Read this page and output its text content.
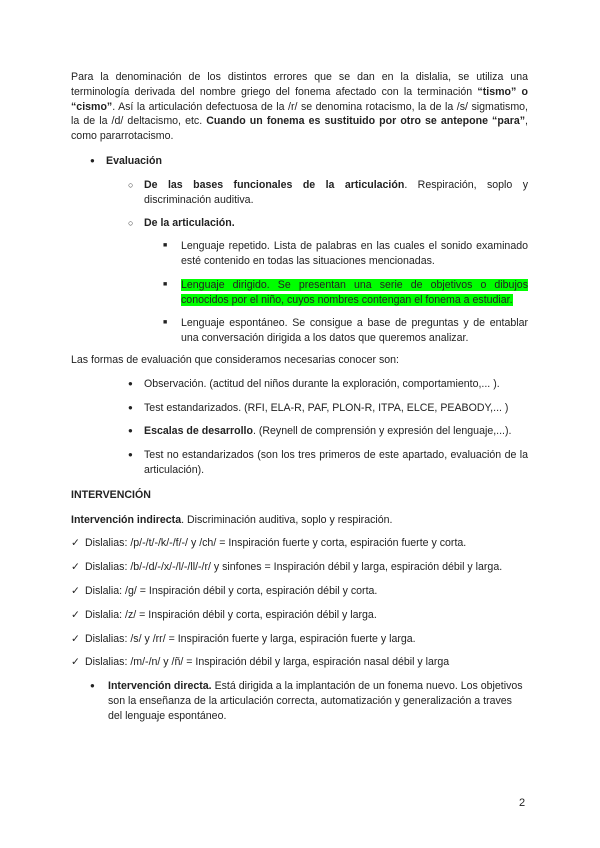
Para la denominación de los distintos errores que se dan en la dislalia, se utiliza una terminología derivada del nombre griego del fonema afectado con la terminación “tismo” o “cismo”. Así la articulación defectuosa de la /r/ se denomina rotacismo, la de la /s/ sigmatismo, la de la /d/ deltacismo, etc. Cuando un fonema es sustituido por otro se antepone “para”, como pararrotacismo.

● Evaluación
○ De las bases funcionales de la articulación. Respiración, soplo y discriminación auditiva.
○ De la articulación.
■ Lenguaje repetido. Lista de palabras en las cuales el sonido examinado esté contenido en todas las situaciones mencionadas.
■ Lenguaje dirigido. Se presentan una serie de objetivos o dibujos conocidos por el niño, cuyos nombres contengan el fonema a estudiar.
■ Lenguaje espontáneo. Se consigue a base de preguntas y de entablar una conversación dirigida a los datos que queremos analizar.

Las formas de evaluación que consideramos necesarias conocer son:

● Observación. (actitud del niños durante la exploración, comportamiento,... ).
● Test estandarizados. (RFI, ELA-R, PAF, PLON-R, ITPA, ELCE, PEABODY,... )
● Escalas de desarrollo. (Reynell de comprensión y expresión del lenguaje,...).
● Test no estandarizados (son los tres primeros de este apartado, evaluación de la articulación).

INTERVENCIÓN

Intervención indirecta. Discriminación auditiva, soplo y respiración.

✓ Dislalias: /p/-/t/-/k/-/f/-/ y /ch/ = Inspiración fuerte y corta, espiración fuerte y corta.

✓ Dislalias: /b/-/d/-/x/-/l/-/ll/-/r/ y sinfones = Inspiración débil y larga, espiración débil y larga.

✓ Dislalia: /g/ = Inspiración débil y corta, espiración débil y corta.

✓ Dislalia: /z/ = Inspiración débil y corta, espiración débil y larga.

✓ Dislalias: /s/ y /rr/ = Inspiración fuerte y larga, espiración fuerte y larga.

✓ Dislalias: /m/-/n/ y /ñ/ = Inspiración débil y larga, espiración nasal débil y larga

● Intervención directa. Está dirigida a la implantación de un fonema nuevo. Los objetivos son la enseñanza de la articulación correcta, automatización y generalización a traves del lenguaje espontáneo.
2
